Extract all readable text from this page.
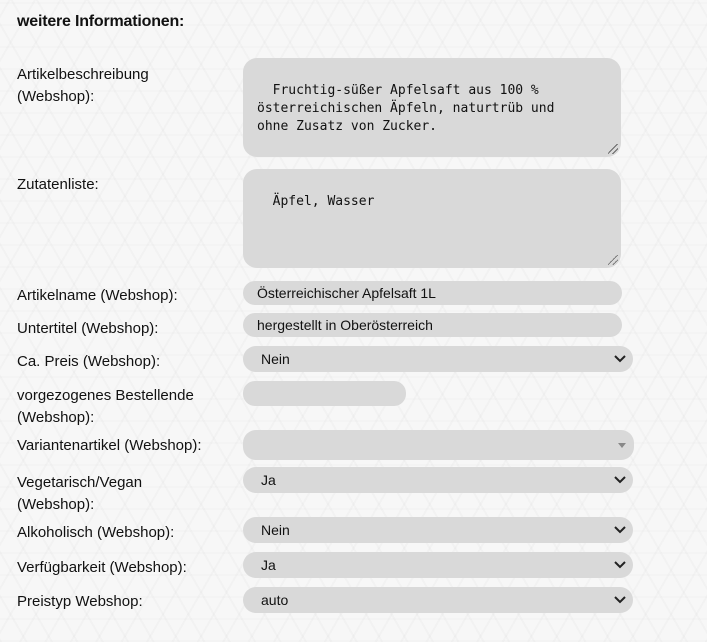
weitere Informationen:
Artikelbeschreibung
(Webshop):	Fruchtig-süßer Apfelsaft aus 100 %
österreichischen Äpfeln, naturtrüb und
ohne Zusatz von Zucker.

Zutatenliste:

Äpfel, Wasser

Artikelname (Webshop):	Österreichischer Apfelsaft 1L
Untertitel (Webshop):	hergestellt in Oberösterreich
Ca. Preis (Webshop):	Nein
vorgezogenes Bestellende
(Webshop):
Variantenartikel (Webshop):
Vegetarisch/Vegan
(Webshop):
Ja
Alkoholisch (Webshop):	Nein
Verfügbarkeit (Webshop):	Ja
Preistyp Webshop:	auto
